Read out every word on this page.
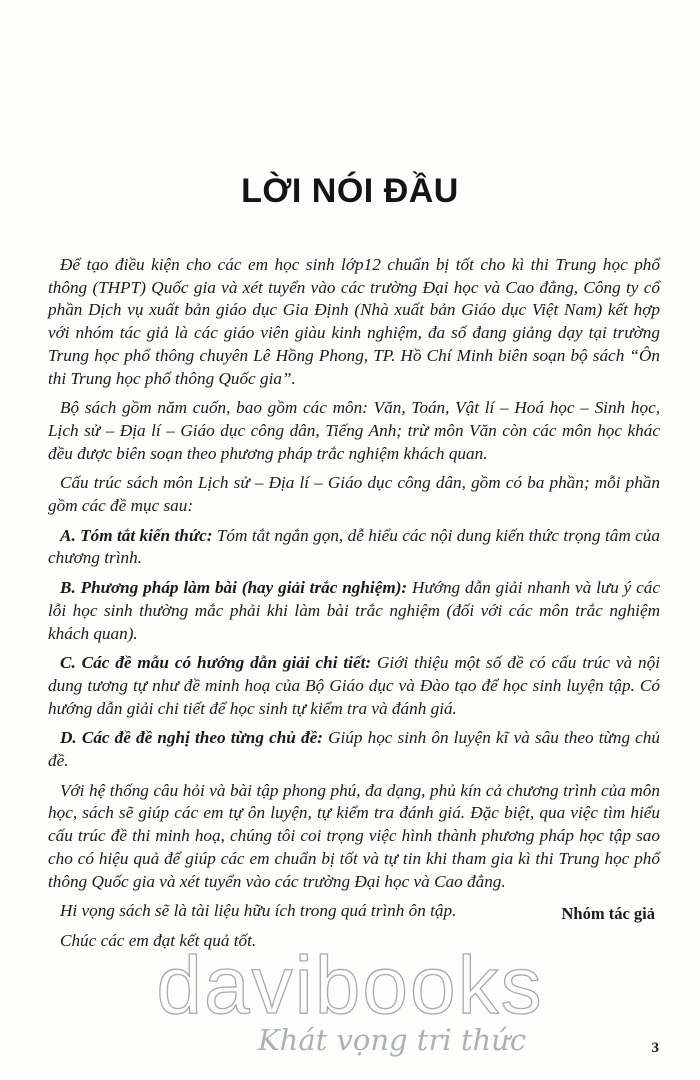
LỜI NÓI ĐẦU

Để tạo điều kiện cho các em học sinh lớp12 chuẩn bị tốt cho kì thi Trung học phổ thông (THPT) Quốc gia và xét tuyển vào các trường Đại học và Cao đẳng, Công ty cổ phần Dịch vụ xuất bản giáo dục Gia Định (Nhà xuất bản Giáo dục Việt Nam) kết hợp với nhóm tác giả là các giáo viên giàu kinh nghiệm, đa số đang giảng dạy tại trường Trung học phổ thông chuyên Lê Hồng Phong, TP. Hồ Chí Minh biên soạn bộ sách “Ôn thi Trung học phổ thông Quốc gia”.

Bộ sách gồm năm cuốn, bao gồm các môn: Văn, Toán, Vật lí – Hoá học – Sinh học, Lịch sử – Địa lí – Giáo dục công dân, Tiếng Anh; trừ môn Văn còn các môn học khác đều được biên soạn theo phương pháp trắc nghiệm khách quan.

Cấu trúc sách môn Lịch sử – Địa lí – Giáo dục công dân, gồm có ba phần; mỗi phần gồm các đề mục sau:

A. Tóm tắt kiến thức: Tóm tắt ngắn gọn, dễ hiểu các nội dung kiến thức trọng tâm của chương trình.

B. Phương pháp làm bài (hay giải trắc nghiệm): Hướng dẫn giải nhanh và lưu ý các lỗi học sinh thường mắc phải khi làm bài trắc nghiệm (đối với các môn trắc nghiệm khách quan).

C. Các đề mẫu có hướng dẫn giải chi tiết: Giới thiệu một số đề có cấu trúc và nội dung tương tự như đề minh hoạ của Bộ Giáo dục và Đào tạo để học sinh luyện tập. Có hướng dẫn giải chi tiết để học sinh tự kiểm tra và đánh giá.

D. Các đề đề nghị theo từng chủ đề: Giúp học sinh ôn luyện kĩ và sâu theo từng chủ đề.

Với hệ thống câu hỏi và bài tập phong phú, đa dạng, phủ kín cả chương trình của môn học, sách sẽ giúp các em tự ôn luyện, tự kiểm tra đánh giá. Đặc biệt, qua việc tìm hiểu cấu trúc đề thi minh hoạ, chúng tôi coi trọng việc hình thành phương pháp học tập sao cho có hiệu quả để giúp các em chuẩn bị tốt và tự tin khi tham gia kì thi Trung học phổ thông Quốc gia và xét tuyển vào các trường Đại học và Cao đẳng.

Hi vọng sách sẽ là tài liệu hữu ích trong quá trình ôn tập.

Chúc các em đạt kết quả tốt.

Nhóm tác giả
davibooks
Khát vọng tri thức	3
